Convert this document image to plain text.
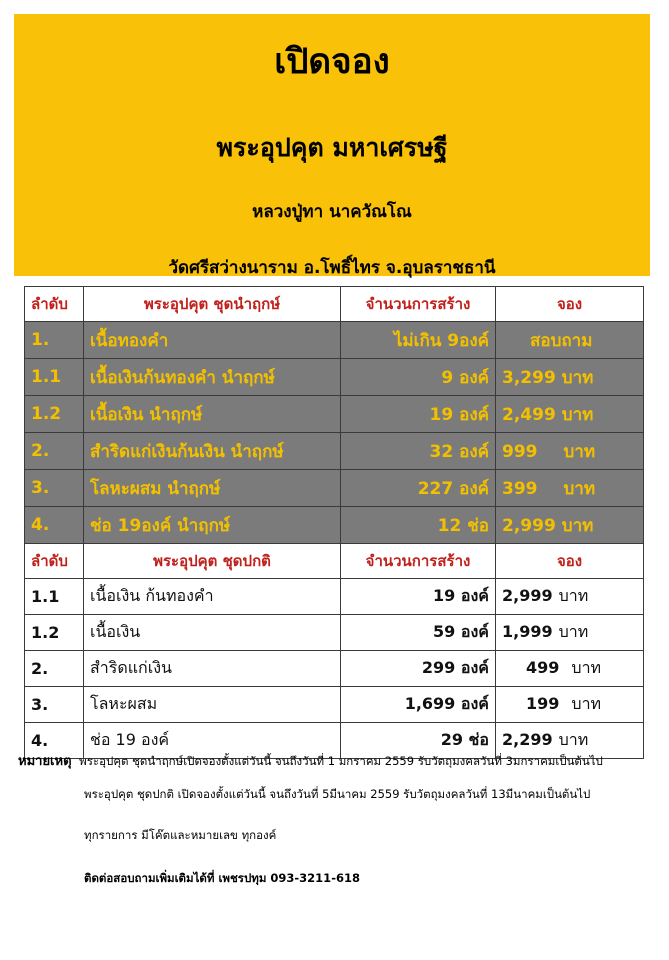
เปิดจอง
พระอุปคุต มหาเศรษฐี
หลวงปู่ทา นาควัณโณ
วัดศรีสว่างนาราม อ.โพธิ์ไทร จ.อุบลราชธานี
ลำดับ	พระอุปคุต ชุดนำฤกษ์	จำนวนการสร้าง	จอง
1.	เนื้อทองคำ	ไม่เกิน 9องค์	สอบถาม
1.1	เนื้อเงินก้นทองคำ นำฤกษ์	9 องค์	3,299 บาท
1.2	เนื้อเงิน นำฤกษ์	19 องค์	2,499 บาท
2.	สำริดแก่เงินก้นเงิน นำฤกษ์	32 องค์	999 บาท
3.	โลหะผสม นำฤกษ์	227 องค์	399 บาท
4.	ช่อ 19องค์ นำฤกษ์	12 ช่อ	2,999 บาท
ลำดับ	พระอุปคุต ชุดปกติ	จำนวนการสร้าง	จอง
1.1	เนื้อเงิน ก้นทองคำ	19 องค์	2,999 บาท
1.2	เนื้อเงิน	59 องค์	1,999 บาท
2.	สำริดแก่เงิน	299 องค์	499 บาท
3.	โลหะผสม	1,699 องค์	199 บาท
4.	ช่อ 19 องค์	29 ช่อ	2,299 บาท
หมายเหตุ พระอุปคุต ชุดนำฤกษ์เปิดจองตั้งแต่วันนี้ จนถึงวันที่ 1 มกราคม 2559 รับวัตถุมงคลวันที่ 3มกราคมเป็นต้นไป
พระอุปคุต ชุดปกติ เปิดจองตั้งแต่วันนี้ จนถึงวันที่ 5มีนาคม 2559 รับวัตถุมงคลวันที่ 13มีนาคมเป็นต้นไป
ทุกรายการ มีโค๊ตและหมายเลข ทุกองค์
ติดต่อสอบถามเพิ่มเติมได้ที่ เพชรปทุม 093-3211-618
